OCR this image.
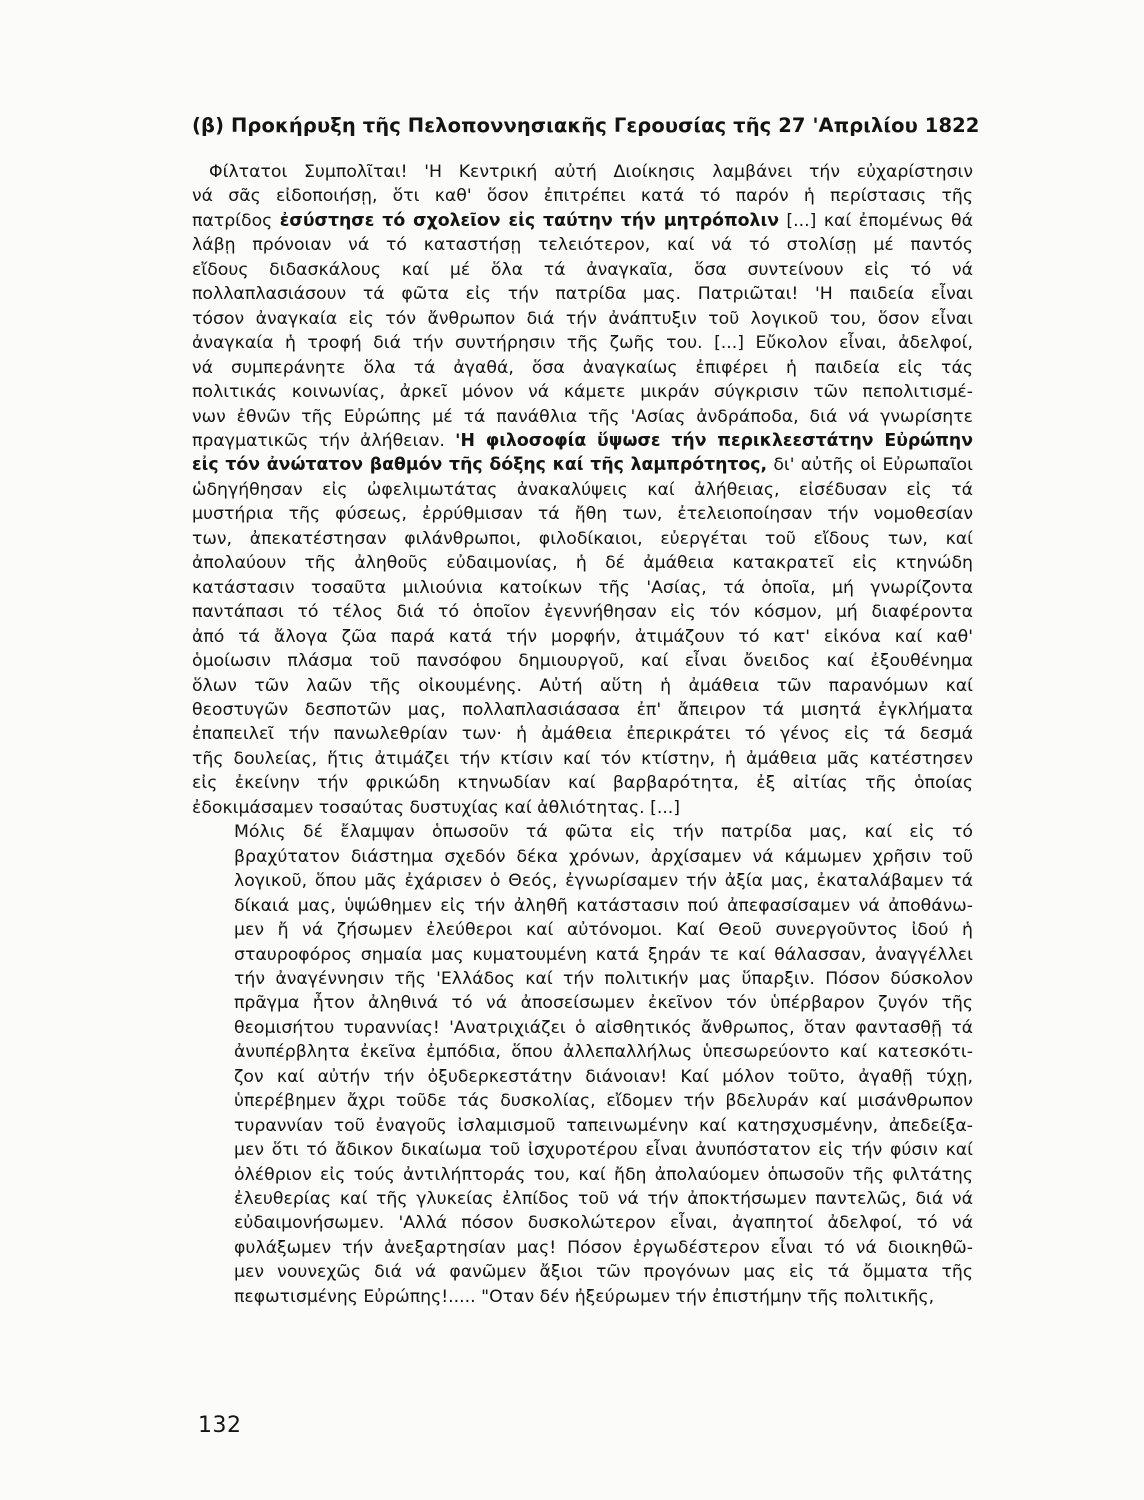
(β) Προκήρυξη τῆς Πελοποννησιακῆς Γερουσίας τῆς 27 'Απριλίου 1822
Φίλτατοι Συμπολῖται! 'Η Κεντρική αὐτή Διοίκησις λαμβάνει τήν εὐχαρίστησιν
νά σᾶς εἰδοποιήσῃ, ὅτι καθ' ὅσον ἐπιτρέπει κατά τό παρόν ἡ περίστασις τῆς
πατρίδος ἐσύστησε τό σχολεῖον εἰς ταύτην τήν μητρόπολιν [...] καί ἐπομένως θά
λάβῃ πρόνοιαν νά τό καταστήσῃ τελειότερον, καί νά τό στολίσῃ μέ παντός
εἴδους διδασκάλους καί μέ ὅλα τά ἀναγκαῖα, ὅσα συντείνουν εἰς τό νά
πολλαπλασιάσουν τά φῶτα εἰς τήν πατρίδα μας. Πατριῶται! 'Η παιδεία εἶναι
τόσον ἀναγκαία εἰς τόν ἄνθρωπον διά τήν ἀνάπτυξιν τοῦ λογικοῦ του, ὅσον εἶναι
ἀναγκαία ἡ τροφή διά τήν συντήρησιν τῆς ζωῆς του. [...] Εὔκολον εἶναι, ἀδελφοί,
νά συμπεράνητε ὅλα τά ἀγαθά, ὅσα ἀναγκαίως ἐπιφέρει ἡ παιδεία εἰς τάς
πολιτικάς κοινωνίας, ἀρκεῖ μόνον νά κάμετε μικράν σύγκρισιν τῶν πεπολιτισμέ-
νων ἐθνῶν τῆς Εὐρώπης μέ τά πανάθλια τῆς 'Ασίας ἀνδράποδα, διά νά γνωρίσητε
πραγματικῶς τήν ἀλήθειαν. 'Η φιλοσοφία ὕψωσε τήν περικλεεστάτην Εὐρώπην
εἰς τόν ἀνώτατον βαθμόν τῆς δόξης καί τῆς λαμπρότητος, δι' αὐτῆς οἱ Εὐρωπαῖοι
ὡδηγήθησαν εἰς ὠφελιμωτάτας ἀνακαλύψεις καί ἀλήθειας, εἰσέδυσαν εἰς τά
μυστήρια τῆς φύσεως, ἐρρύθμισαν τά ἤθη των, ἐτελειοποίησαν τήν νομοθεσίαν
των, ἀπεκατέστησαν φιλάνθρωποι, φιλοδίκαιοι, εὐεργέται τοῦ εἴδους των, καί
ἀπολαύουν τῆς ἀληθοῦς εὐδαιμονίας, ἡ δέ ἀμάθεια κατακρατεῖ εἰς κτηνώδη
κατάστασιν τοσαῦτα μιλιούνια κατοίκων τῆς 'Ασίας, τά ὁποῖα, μή γνωρίζοντα
παντάπασι τό τέλος διά τό ὁποῖον ἐγεννήθησαν εἰς τόν κόσμον, μή διαφέροντα
ἀπό τά ἄλογα ζῶα παρά κατά τήν μορφήν, ἀτιμάζουν τό κατ' εἰκόνα καί καθ'
ὁμοίωσιν πλάσμα τοῦ πανσόφου δημιουργοῦ, καί εἶναι ὄνειδος καί ἐξουθένημα
ὅλων τῶν λαῶν τῆς οἰκουμένης. Αὐτή αὕτη ἡ ἀμάθεια τῶν παρανόμων καί
θεοστυγῶν δεσποτῶν μας, πολλαπλασιάσασα ἐπ' ἄπειρον τά μισητά ἐγκλήματα
ἐπαπειλεῖ τήν πανωλεθρίαν των· ἡ ἀμάθεια ἐπερικράτει τό γένος εἰς τά δεσμά
τῆς δουλείας, ἥτις ἀτιμάζει τήν κτίσιν καί τόν κτίστην, ἡ ἀμάθεια μᾶς κατέστησεν
εἰς ἐκείνην τήν φρικώδη κτηνωδίαν καί βαρβαρότητα, ἐξ αἰτίας τῆς ὁποίας
ἐδοκιμάσαμεν τοσαύτας δυστυχίας καί ἀθλιότητας. [...]
Μόλις δέ ἔλαμψαν ὁπωσοῦν τά φῶτα εἰς τήν πατρίδα μας, καί εἰς τό
βραχύτατον διάστημα σχεδόν δέκα χρόνων, ἀρχίσαμεν νά κάμωμεν χρῆσιν τοῦ
λογικοῦ, ὅπου μᾶς ἐχάρισεν ὁ Θεός, ἐγνωρίσαμεν τήν ἀξία μας, ἐκαταλάβαμεν τά
δίκαιά μας, ὑψώθημεν εἰς τήν ἀληθῆ κατάστασιν πού ἀπεφασίσαμεν νά ἀποθάνω-
μεν ἤ νά ζήσωμεν ἐλεύθεροι καί αὐτόνομοι. Καί Θεοῦ συνεργοῦντος ἰδού ἡ
σταυροφόρος σημαία μας κυματουμένη κατά ξηράν τε καί θάλασσαν, ἀναγγέλλει
τήν ἀναγέννησιν τῆς 'Ελλάδος καί τήν πολιτικήν μας ὕπαρξιν. Πόσον δύσκολον
πρᾶγμα ἦτον ἀληθινά τό νά ἀποσείσωμεν ἐκεῖνον τόν ὑπέρβαρον ζυγόν τῆς
θεομισήτου τυραννίας! 'Ανατριχιάζει ὁ αἰσθητικός ἄνθρωπος, ὅταν φαντασθῇ τά
ἀνυπέρβλητα ἐκεῖνα ἐμπόδια, ὅπου ἀλλεπαλλήλως ὑπεσωρεύοντο καί κατεσκότι-
ζον καί αὐτήν τήν ὀξυδερκεστάτην διάνοιαν! Καί μόλον τοῦτο, ἀγαθῇ τύχῃ,
ὑπερέβημεν ἄχρι τοῦδε τάς δυσκολίας, εἴδομεν τήν βδελυράν καί μισάνθρωπον
τυραννίαν τοῦ ἐναγοῦς ἰσλαμισμοῦ ταπεινωμένην καί κατησχυσμένην, ἀπεδείξα-
μεν ὅτι τό ἄδικον δικαίωμα τοῦ ἰσχυροτέρου εἶναι ἀνυπόστατον εἰς τήν φύσιν καί
ὀλέθριον εἰς τούς ἀντιλήπτοράς του, καί ἤδη ἀπολαύομεν ὁπωσοῦν τῆς φιλτάτης
ἐλευθερίας καί τῆς γλυκείας ἐλπίδος τοῦ νά τήν ἀποκτήσωμεν παντελῶς, διά νά
εὐδαιμονήσωμεν. 'Αλλά πόσον δυσκολώτερον εἶναι, ἀγαπητοί ἀδελφοί, τό νά
φυλάξωμεν τήν ἀνεξαρτησίαν μας! Πόσον ἐργωδέστερον εἶναι τό νά διοικηθῶ-
μεν νουνεχῶς διά νά φανῶμεν ἄξιοι τῶν προγόνων μας εἰς τά ὄμματα τῆς
πεφωτισμένης Εὐρώπης!..... "Οταν δέν ἠξεύρωμεν τήν ἐπιστήμην τῆς πολιτικῆς,
132
